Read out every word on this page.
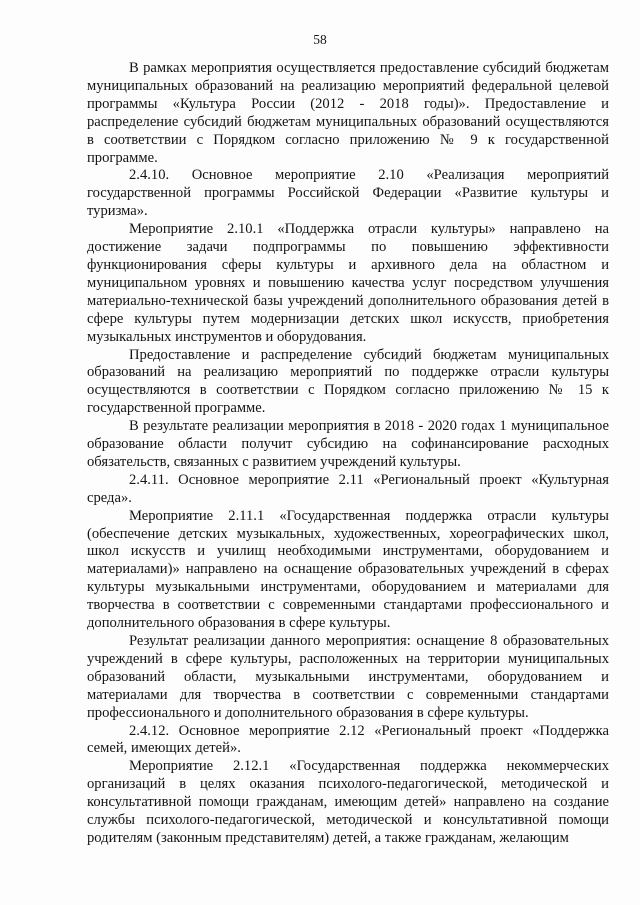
58

В рамках мероприятия осуществляется предоставление субсидий бюджетам муниципальных образований на реализацию мероприятий федеральной целевой программы «Культура России (2012 - 2018 годы)». Предоставление и распределение субсидий бюджетам муниципальных образований осуществляются в соответствии с Порядком согласно приложению № 9 к государственной программе.

2.4.10. Основное мероприятие 2.10 «Реализация мероприятий государственной программы Российской Федерации «Развитие культуры и туризма».

Мероприятие 2.10.1 «Поддержка отрасли культуры» направлено на достижение задачи подпрограммы по повышению эффективности функционирования сферы культуры и архивного дела на областном и муниципальном уровнях и повышению качества услуг посредством улучшения материально-технической базы учреждений дополнительного образования детей в сфере культуры путем модернизации детских школ искусств, приобретения музыкальных инструментов и оборудования.

Предоставление и распределение субсидий бюджетам муниципальных образований на реализацию мероприятий по поддержке отрасли культуры осуществляются в соответствии с Порядком согласно приложению № 15 к государственной программе.

В результате реализации мероприятия в 2018 - 2020 годах 1 муниципальное образование области получит субсидию на софинансирование расходных обязательств, связанных с развитием учреждений культуры.

2.4.11. Основное мероприятие 2.11 «Региональный проект «Культурная среда».

Мероприятие 2.11.1 «Государственная поддержка отрасли культуры (обеспечение детских музыкальных, художественных, хореографических школ, школ искусств и училищ необходимыми инструментами, оборудованием и материалами)» направлено на оснащение образовательных учреждений в сферах культуры музыкальными инструментами, оборудованием и материалами для творчества в соответствии с современными стандартами профессионального и дополнительного образования в сфере культуры.

Результат реализации данного мероприятия: оснащение 8 образовательных учреждений в сфере культуры, расположенных на территории муниципальных образований области, музыкальными инструментами, оборудованием и материалами для творчества в соответствии с современными стандартами профессионального и дополнительного образования в сфере культуры.

2.4.12. Основное мероприятие 2.12 «Региональный проект «Поддержка семей, имеющих детей».

Мероприятие 2.12.1 «Государственная поддержка некоммерческих организаций в целях оказания психолого-педагогической, методической и консультативной помощи гражданам, имеющим детей» направлено на создание службы психолого-педагогической, методической и консультативной помощи родителям (законным представителям) детей, а также гражданам, желающим
